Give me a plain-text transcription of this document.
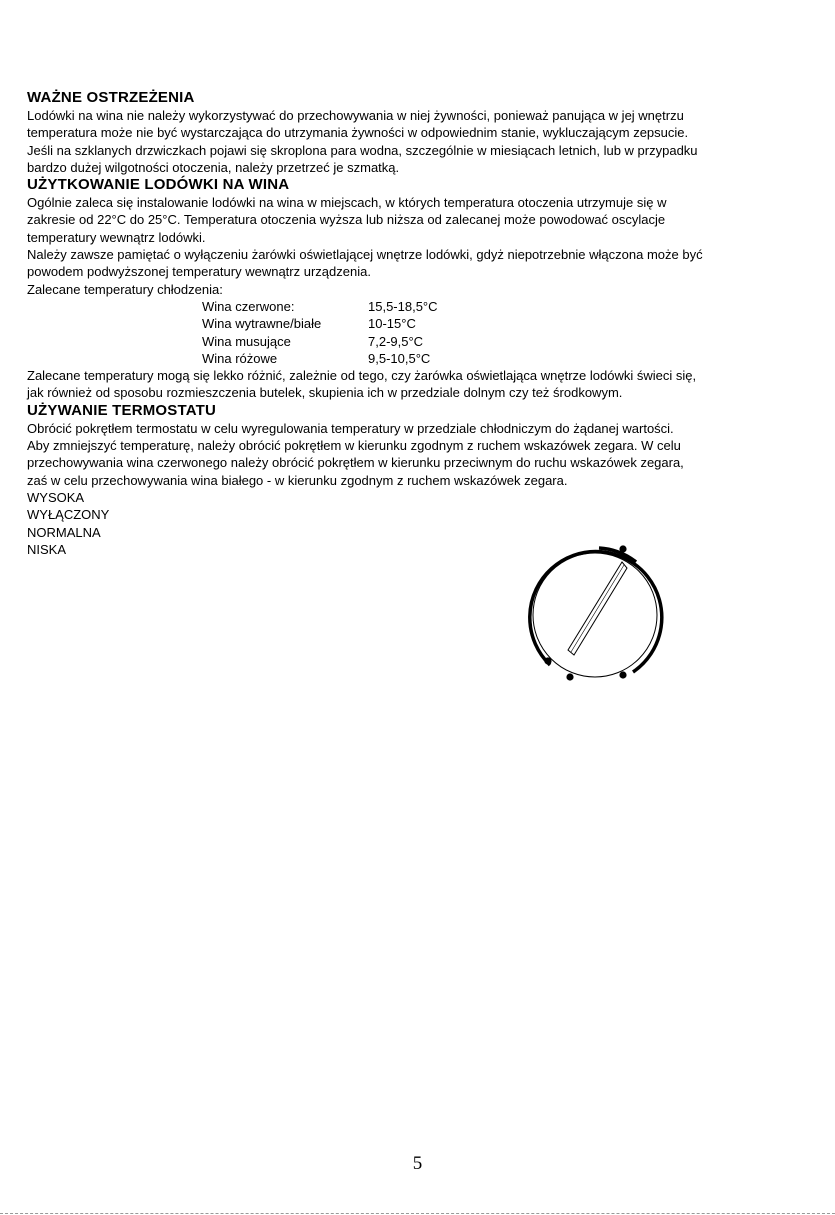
WAŻNE OSTRZEŻENIA

Lodówki na wina nie należy wykorzystywać do przechowywania w niej żywności, ponieważ panująca w jej wnętrzu
temperatura może nie być wystarczająca do utrzymania żywności w odpowiednim stanie, wykluczającym zepsucie.
Jeśli na szklanych drzwiczkach pojawi się skroplona para wodna, szczególnie w miesiącach letnich, lub w przypadku
bardzo dużej wilgotności otoczenia, należy przetrzeć je szmatką.

UŻYTKOWANIE LODÓWKI NA WINA

Ogólnie zaleca się instalowanie lodówki na wina w miejscach, w których temperatura otoczenia utrzymuje się w
zakresie od 22°C do 25°C. Temperatura otoczenia wyższa lub niższa od zalecanej może powodować oscylacje
temperatury wewnątrz lodówki.
Należy zawsze pamiętać o wyłączeniu żarówki oświetlającej wnętrze lodówki, gdyż niepotrzebnie włączona może być
powodem podwyższonej temperatury wewnątrz urządzenia.
Zalecane temperatury chłodzenia:

Wina czerwone:	15,5-18,5°C
Wina wytrawne/białe	10-15°C
Wina musujące	7,2-9,5°C
Wina różowe	9,5-10,5°C

Zalecane temperatury mogą się lekko różnić, zależnie od tego, czy żarówka oświetlająca wnętrze lodówki świeci się,
jak również od sposobu rozmieszczenia butelek, skupienia ich w przedziale dolnym czy też środkowym.

UŻYWANIE TERMOSTATU

Obrócić pokrętłem termostatu w celu wyregulowania temperatury w przedziale chłodniczym do żądanej wartości.
Aby zmniejszyć temperaturę, należy obrócić pokrętłem w kierunku zgodnym z ruchem wskazówek zegara. W celu
przechowywania wina czerwonego należy obrócić pokrętłem w kierunku przeciwnym do ruchu wskazówek zegara,
zaś w celu przechowywania wina białego - w kierunku zgodnym z ruchem wskazówek zegara.

WYSOKA
WYŁĄCZONY
NORMALNA
NISKA
5
